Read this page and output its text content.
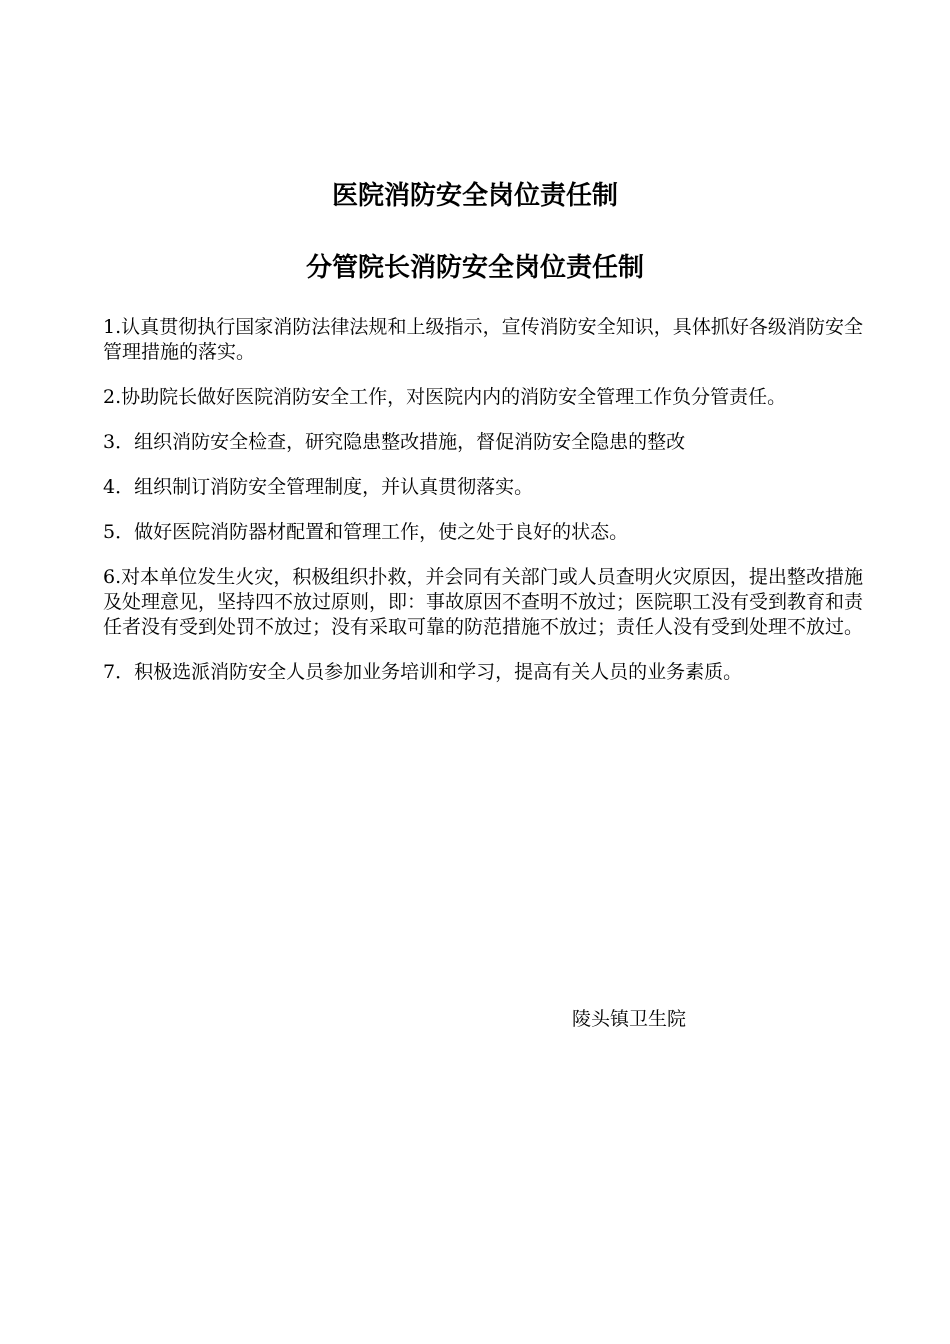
医院消防安全岗位责任制
分管院长消防安全岗位责任制

1.认真贯彻执行国家消防法律法规和上级指示，宣传消防安全知识，具体抓好各级消防安全管理措施的落实。

2.协助院长做好医院消防安全工作，对医院内内的消防安全管理工作负分管责任。

3．组织消防安全检查，研究隐患整改措施，督促消防安全隐患的整改

4．组织制订消防安全管理制度，并认真贯彻落实。

5．做好医院消防器材配置和管理工作，使之处于良好的状态。

6.对本单位发生火灾，积极组织扑救，并会同有关部门或人员查明火灾原因，提出整改措施及处理意见，坚持四不放过原则，即：事故原因不查明不放过；医院职工没有受到教育和责任者没有受到处罚不放过；没有采取可靠的防范措施不放过；责任人没有受到处理不放过。

7．积极选派消防安全人员参加业务培训和学习，提高有关人员的业务素质。

陵头镇卫生院
